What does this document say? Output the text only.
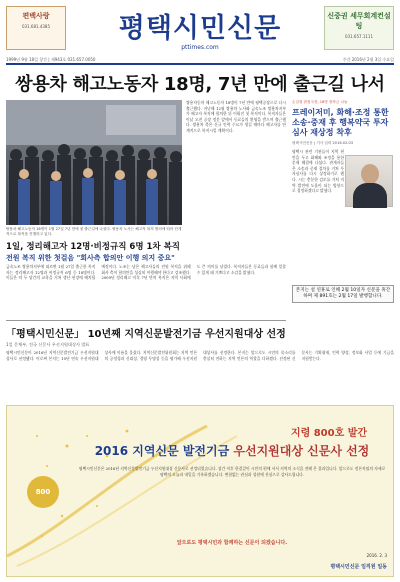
편백사랑
031.681.4385	평택시민신문
pttimes.com
신중권 세무회계컨설팅
031.657.1111
1999년 9월 18일 창간 | 제943호 031.657.0050	주간 2016년 2월 3일 수요일
쌍용차 해고노동자 18명, 7년 만에 출근길 나서
쌍용차 해고노동자 18명이 1월 27일 7년 만에 첫 출근길에 나섰다. 쌍용차 노사는 해고자 복직 합의에 따라 단계적으로 복직을 진행하고 있다.
쌍용자동차 해고노동자 18명이 7년 만에 평택공장으로 다시 출근했다. 지난해 12월 쌍용차 노사와 금속노조 쌍용차지부가 해고자 복직에 합의한 뒤 이뤄진 첫 복직이다. 복직자들은 이날 오전 공장 정문 앞에서 동료들의 환영을 받으며 출근했다. 쌍용차 측은 신규 인력 수요가 생길 때마다 해고자를 단계적으로 복직시킬 계획이다.
손일형 편집국장, 16명 장학금 나눔
프레이저미, 화해·조정 통한 소송·중재 후 행복약국 투자심사 재상정 착후
평택시민신문 | 기사 입력 2016.02.03
평택시 관련 기관들이 지역 현안을 두고 화해와 조정을 통한 문제 해결에 나섰다. 관계자들은 소송과 중재 절차를 거쳐 투자심사를 다시 상정하기로 했다. 시는 충분한 검토를 거쳐 지역 발전에 도움이 되는 방향으로 결정하겠다고 밝혔다.
1일, 정리해고자 12명·비정규직 6명 1차 복직
전원 복직 위한 첫걸음 "회사측 합의안 이행 의지 중요"
금속노조 쌍용차지부에 따르면 1월 27일 출근한 복직자는 정리해고자 12명과 비정규직 6명 등 18명이다. 이들은 약 두 달간의 교육을 거쳐 생산 현장에 배치될 예정이다. 노조는 남은 해고자들의 전원 복직을 위해 회사 측이 합의안을 성실히 이행해야 한다고 강조했다. 2009년 정리해고 이후 7년 만의 복직은 지역 사회에도 큰 의미를 남겼다. 복직자들은 동료들과 함께 일할 수 있게 돼 기쁘다고 소감을 밝혔다.
본지는 설 연휴로 인해 2월 10일자 신문을 휴간하며 제 891호는 2월 17일 발행합니다.
「평택시민신문」 10년째 지역신문발전기금 우선지원대상 선정
1일 문체부, 전국 신문사 우선지원대상사 발표
평택시민신문이 2016년 지역신문발전기금 우선지원대상사로 선정됐다. 이로써 본지는 10년 연속 우선지원대상사에 이름을 올렸다. 지역신문발전위원회는 지역 언론의 공정성과 신뢰성, 경영 투명성 등을 평가해 우선지원대상사를 선정한다. 본지는 앞으로도 시민의 목소리를 충실히 전하는 지역 언론의 역할을 다하겠다. 선정된 신문사는 기획취재, 인력 양성, 정보화 사업 등에 기금을 지원받는다.
800
지령 800호 발간
2016 지역신문 발전기금 우선지원대상 신문사 선정
평택시민신문은 2016년 지역신문발전기금 우선지원대상 신문사로 선정되었습니다. 창간 이후 한결같이 시민의 편에 서서 지역의 소식을 전해 온 결과입니다. 앞으로도 정론직필의 자세로 평택의 오늘과 내일을 기록하겠습니다. 변함없는 관심과 성원에 진심으로 감사드립니다.
앞으로도 평택시민과 함께하는 신문이 되겠습니다.
2016. 2. 3
평택시민신문 임직원 일동
